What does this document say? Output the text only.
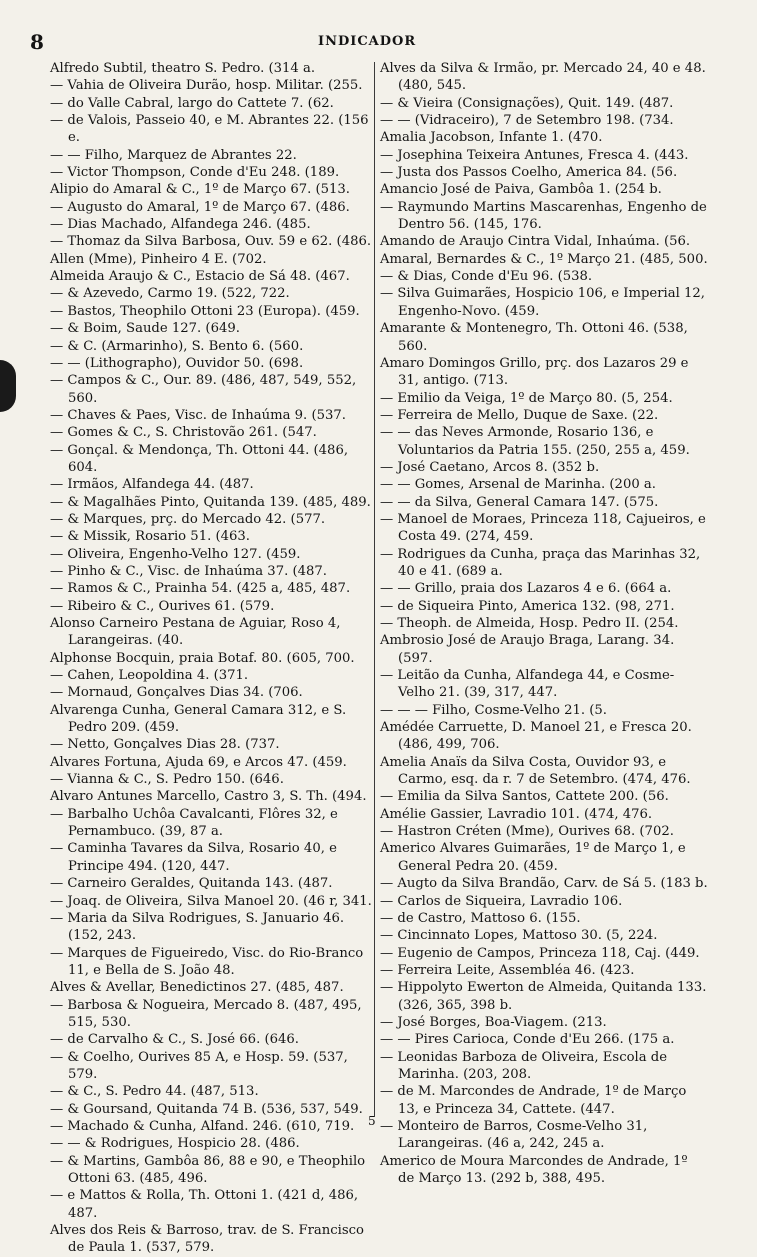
8	INDICADOR
Alfredo Subtil, theatro S. Pedro. (314 a.
— Vahia de Oliveira Durão, hosp. Militar. (255.
— do Valle Cabral, largo do Cattete 7. (62.
— de Valois, Passeio 40, e M. Abrantes 22. (156 e.
— — Filho, Marquez de Abrantes 22.
— Victor Thompson, Conde d'Eu 248. (189.
Alipio do Amaral & C., 1º de Março 67. (513.
— Augusto do Amaral, 1º de Março 67. (486.
— Dias Machado, Alfandega 246. (485.
— Thomaz da Silva Barbosa, Ouv. 59 e 62. (486.
Allen (Mme), Pinheiro 4 E. (702.
Almeida Araujo & C., Estacio de Sá 48. (467.
— & Azevedo, Carmo 19. (522, 722.
— Bastos, Theophilo Ottoni 23 (Europa). (459.
— & Boim, Saude 127. (649.
— & C. (Armarinho), S. Bento 6. (560.
— — (Lithographo), Ouvidor 50. (698.
— Campos & C., Our. 89. (486, 487, 549, 552, 560.
— Chaves & Paes, Visc. de Inhaúma 9. (537.
— Gomes & C., S. Christovão 261. (547.
— Gonçal. & Mendonça, Th. Ottoni 44. (486, 604.
— Irmãos, Alfandega 44. (487.
— & Magalhães Pinto, Quitanda 139. (485, 489.
— & Marques, prç. do Mercado 42. (577.
— & Missik, Rosario 51. (463.
— Oliveira, Engenho-Velho 127. (459.
— Pinho & C., Visc. de Inhaúma 37. (487.
— Ramos & C., Prainha 54. (425 a, 485, 487.
— Ribeiro & C., Ourives 61. (579.
Alonso Carneiro Pestana de Aguiar, Roso 4, Larangeiras. (40.
Alphonse Bocquin, praia Botaf. 80. (605, 700.
— Cahen, Leopoldina 4. (371.
— Mornaud, Gonçalves Dias 34. (706.
Alvarenga Cunha, General Camara 312, e S. Pedro 209. (459.
— Netto, Gonçalves Dias 28. (737.
Alvares Fortuna, Ajuda 69, e Arcos 47. (459.
— Vianna & C., S. Pedro 150. (646.
Alvaro Antunes Marcello, Castro 3, S. Th. (494.
— Barbalho Uchôa Cavalcanti, Flôres 32, e Pernambuco. (39, 87 a.
— Caminha Tavares da Silva, Rosario 40, e Principe 494. (120, 447.
— Carneiro Geraldes, Quitanda 143. (487.
— Joaq. de Oliveira, Silva Manoel 20. (46 r, 341.
— Maria da Silva Rodrigues, S. Januario 46. (152, 243.
— Marques de Figueiredo, Visc. do Rio-Branco 11, e Bella de S. João 48.
Alves & Avellar, Benedictinos 27. (485, 487.
— Barbosa & Nogueira, Mercado 8. (487, 495, 515, 530.
— de Carvalho & C., S. José 66. (646.
— & Coelho, Ourives 85 A, e Hosp. 59. (537, 579.
— & C., S. Pedro 44. (487, 513.
— & Goursand, Quitanda 74 B. (536, 537, 549.
— Machado & Cunha, Alfand. 246. (610, 719.
— — & Rodrigues, Hospicio 28. (486.
— & Martins, Gambôa 86, 88 e 90, e Theophilo Ottoni 63. (485, 496.
— e Mattos & Rolla, Th. Ottoni 1. (421 d, 486, 487.
Alves dos Reis & Barroso, trav. de S. Francisco de Paula 1. (537, 579.
Alves da Silva & Irmão, pr. Mercado 24, 40 e 48. (480, 545.
— & Vieira (Consignações), Quit. 149. (487.
— — (Vidraceiro), 7 de Setembro 198. (734.
Amalia Jacobson, Infante 1. (470.
— Josephina Teixeira Antunes, Fresca 4. (443.
— Justa dos Passos Coelho, America 84. (56.
Amancio José de Paiva, Gambôa 1. (254 b.
— Raymundo Martins Mascarenhas, Engenho de Dentro 56. (145, 176.
Amando de Araujo Cintra Vidal, Inhaúma. (56.
Amaral, Bernardes & C., 1º Março 21. (485, 500.
— & Dias, Conde d'Eu 96. (538.
— Silva Guimarães, Hospicio 106, e Imperial 12, Engenho-Novo. (459.
Amarante & Montenegro, Th. Ottoni 46. (538, 560.
Amaro Domingos Grillo, prç. dos Lazaros 29 e 31, antigo. (713.
— Emilio da Veiga, 1º de Março 80. (5, 254.
— Ferreira de Mello, Duque de Saxe. (22.
— — das Neves Armonde, Rosario 136, e Voluntarios da Patria 155. (250, 255 a, 459.
— José Caetano, Arcos 8. (352 b.
— — Gomes, Arsenal de Marinha. (200 a.
— — da Silva, General Camara 147. (575.
— Manoel de Moraes, Princeza 118, Cajueiros, e Costa 49. (274, 459.
— Rodrigues da Cunha, praça das Marinhas 32, 40 e 41. (689 a.
— — Grillo, praia dos Lazaros 4 e 6. (664 a.
— de Siqueira Pinto, America 132. (98, 271.
— Theoph. de Almeida, Hosp. Pedro II. (254.
Ambrosio José de Araujo Braga, Larang. 34. (597.
— Leitão da Cunha, Alfandega 44, e Cosme-Velho 21. (39, 317, 447.
— — — Filho, Cosme-Velho 21. (5.
Amédée Carruette, D. Manoel 21, e Fresca 20. (486, 499, 706.
Amelia Anaïs da Silva Costa, Ouvidor 93, e Carmo, esq. da r. 7 de Setembro. (474, 476.
— Emilia da Silva Santos, Cattete 200. (56.
Amélie Gassier, Lavradio 101. (474, 476.
— Hastron Créten (Mme), Ourives 68. (702.
Americo Alvares Guimarães, 1º de Março 1, e General Pedra 20. (459.
— Augto da Silva Brandão, Carv. de Sá 5. (183 b.
— Carlos de Siqueira, Lavradio 106.
— de Castro, Mattoso 6. (155.
— Cincinnato Lopes, Mattoso 30. (5, 224.
— Eugenio de Campos, Princeza 118, Caj. (449.
— Ferreira Leite, Assembléa 46. (423.
— Hippolyto Ewerton de Almeida, Quitanda 133. (326, 365, 398 b.
— José Borges, Boa-Viagem. (213.
— — Pires Carioca, Conde d'Eu 266. (175 a.
— Leonidas Barboza de Oliveira, Escola de Marinha. (203, 208.
— de M. Marcondes de Andrade, 1º de Março 13, e Princeza 34, Cattete. (447.
— Monteiro de Barros, Cosme-Velho 31, Larangeiras. (46 a, 242, 245 a.
Americo de Moura Marcondes de Andrade, 1º de Março 13. (292 b, 388, 495.
5
